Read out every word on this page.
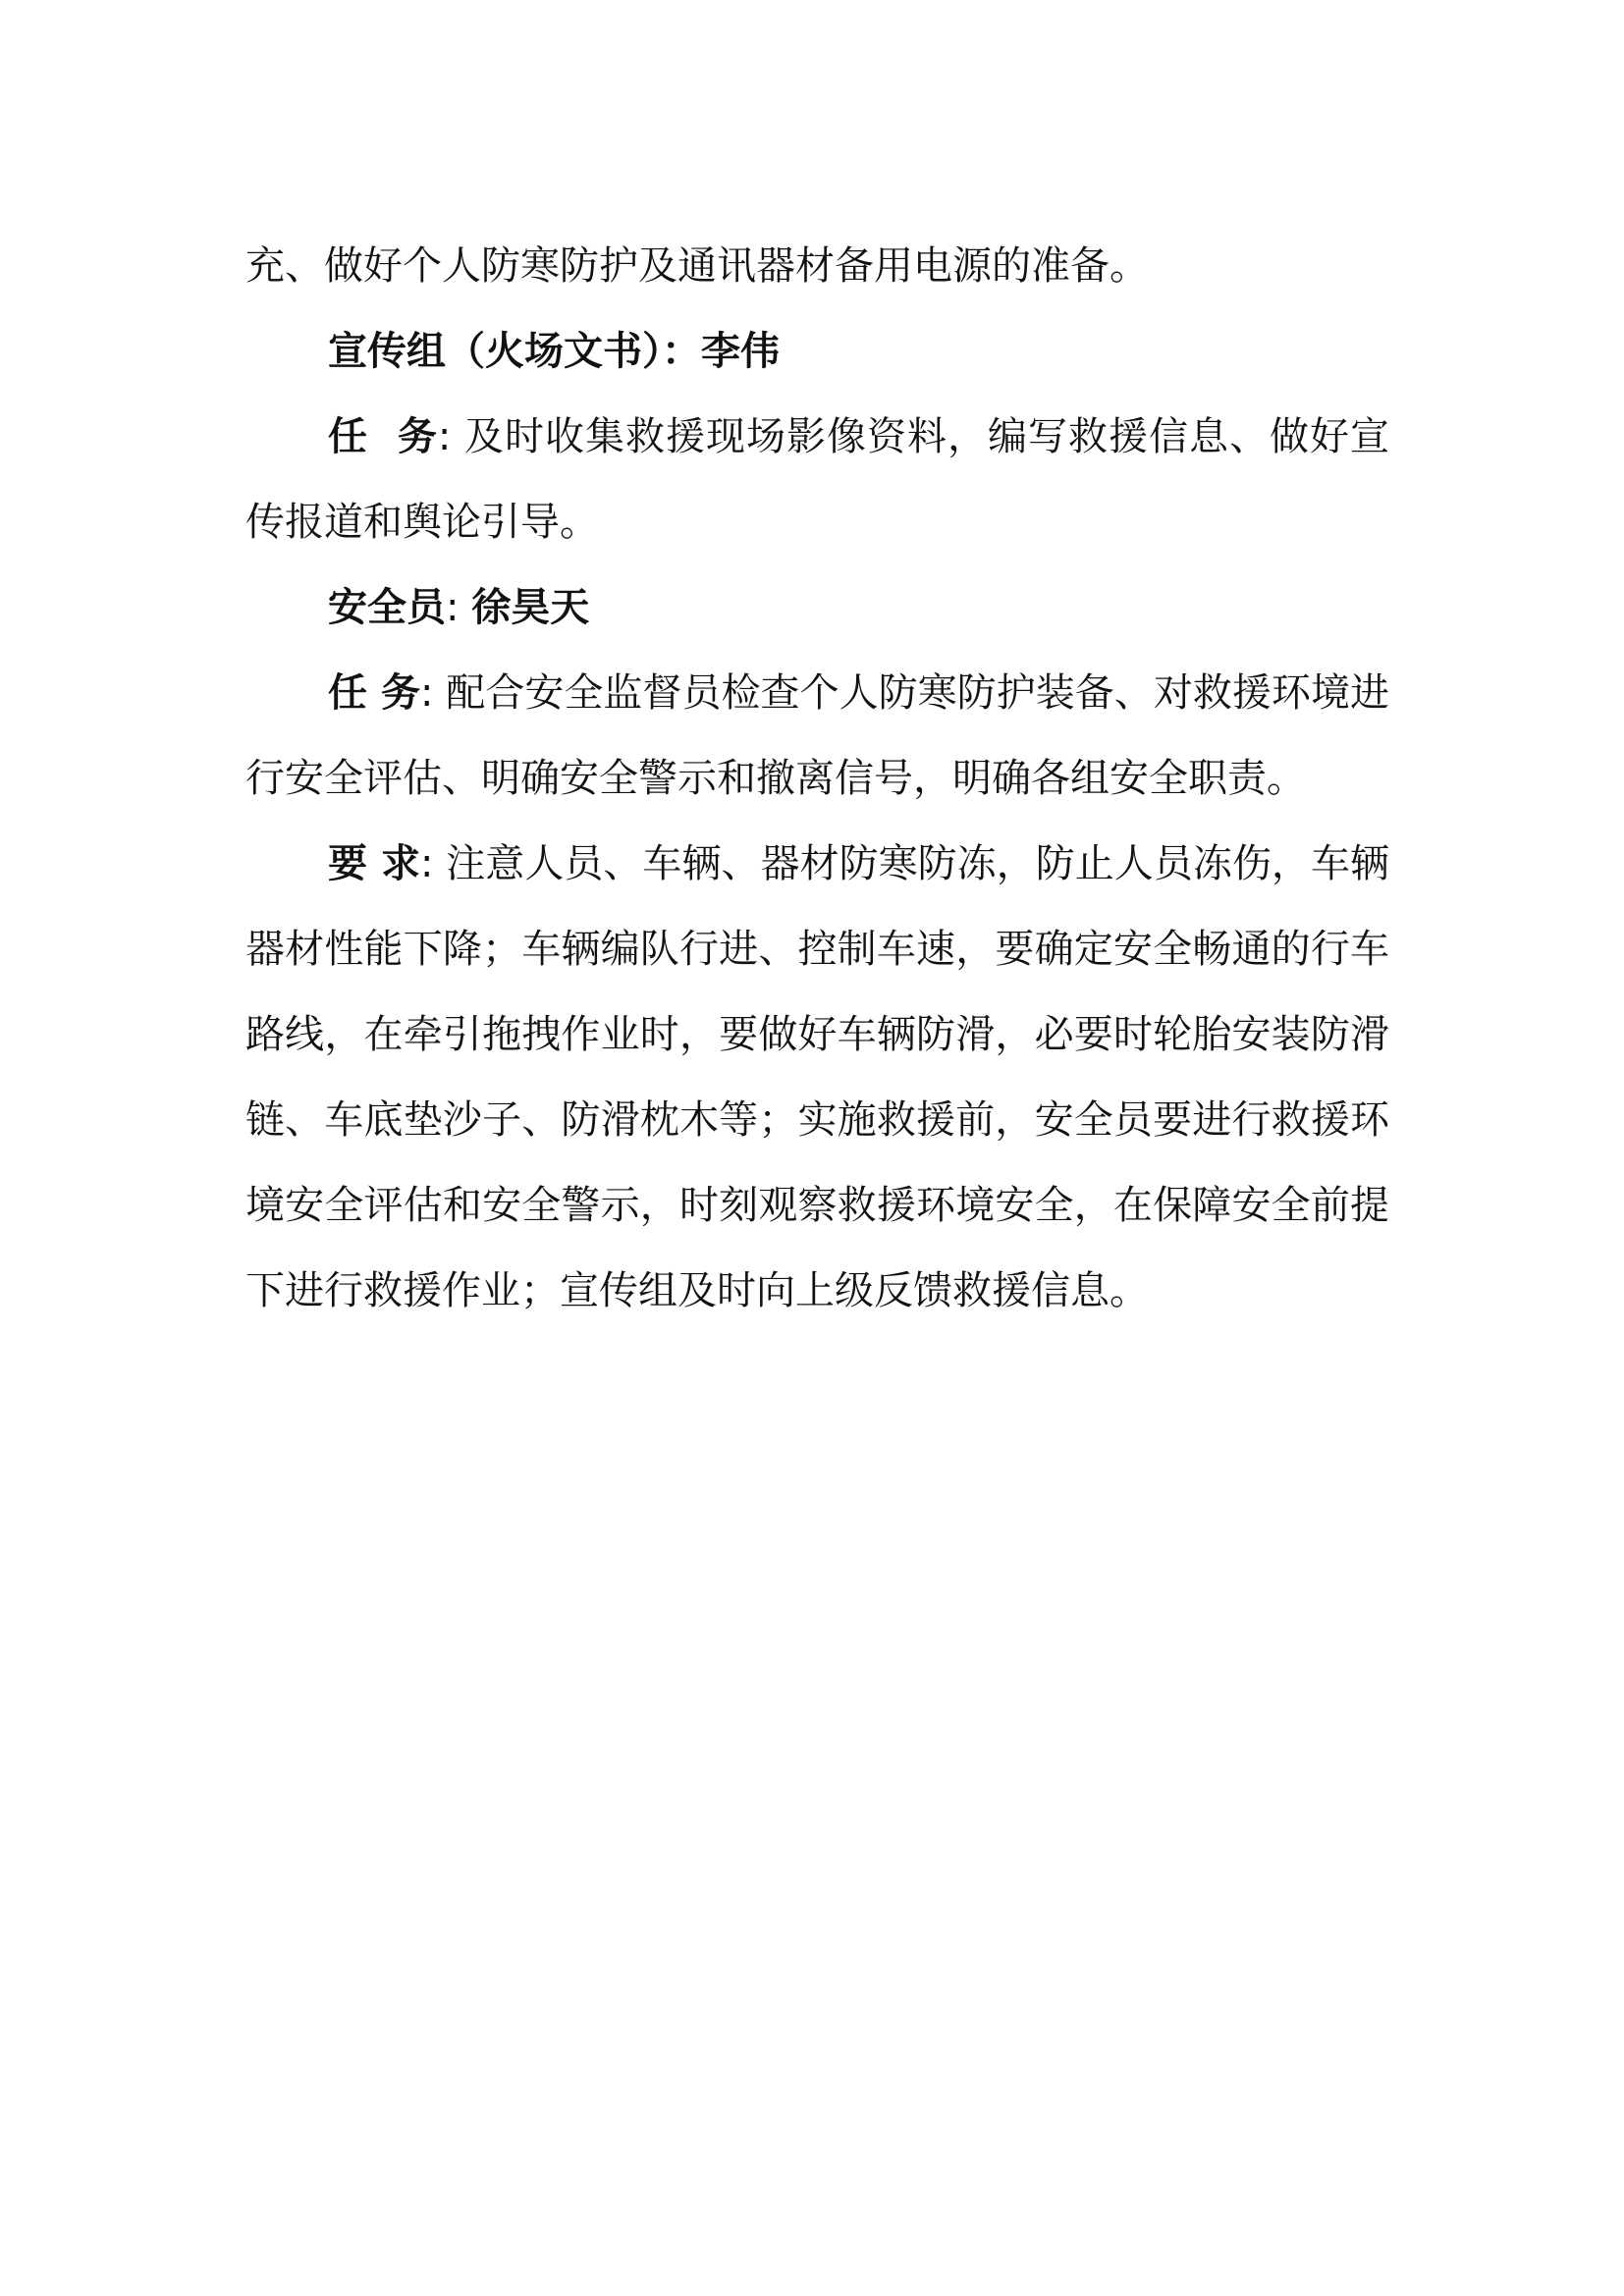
充、做好个人防寒防护及通讯器材备用电源的准备。

宣传组（火场文书）：李伟

任  务: 及时收集救援现场影像资料，编写救援信息、做好宣传报道和舆论引导。

安全员: 徐昊天

任 务: 配合安全监督员检查个人防寒防护装备、对救援环境进行安全评估、明确安全警示和撤离信号，明确各组安全职责。

要 求: 注意人员、车辆、器材防寒防冻，防止人员冻伤，车辆器材性能下降；车辆编队行进、控制车速，要确定安全畅通的行车路线，在牵引拖拽作业时，要做好车辆防滑，必要时轮胎安装防滑链、车底垫沙子、防滑枕木等；实施救援前，安全员要进行救援环境安全评估和安全警示，时刻观察救援环境安全，在保障安全前提下进行救援作业；宣传组及时向上级反馈救援信息。
